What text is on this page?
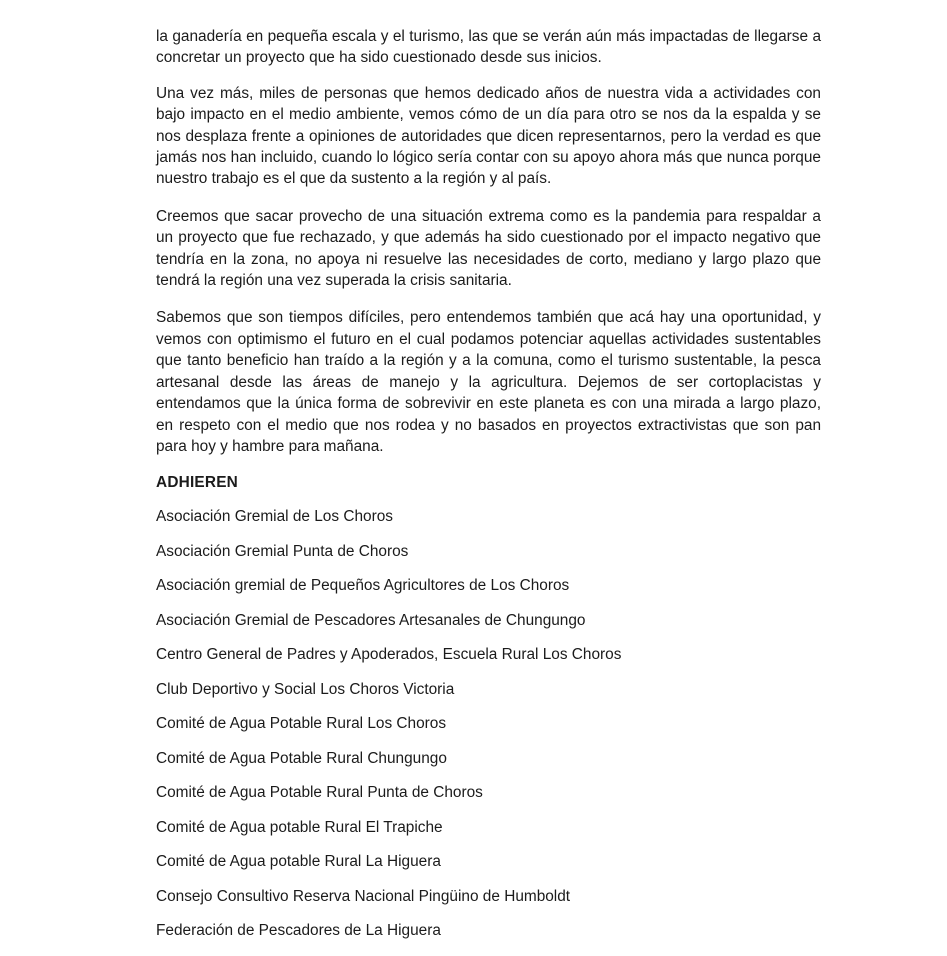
la ganadería en pequeña escala y el turismo, las que se verán aún más impactadas de llegarse a concretar un proyecto que ha sido cuestionado desde sus inicios.

Una vez más, miles de personas que hemos dedicado años de nuestra vida a actividades con bajo impacto en el medio ambiente, vemos cómo de un día para otro se nos da la espalda y se nos desplaza frente a opiniones de autoridades que dicen representarnos, pero la verdad es que jamás nos han incluido, cuando lo lógico sería contar con su apoyo ahora más que nunca porque nuestro trabajo es el que da sustento a la región y al país.

Creemos que sacar provecho de una situación extrema como es la pandemia para respaldar a un proyecto que fue rechazado, y que además ha sido cuestionado por el impacto negativo que tendría en la zona, no apoya ni resuelve las necesidades de corto, mediano y largo plazo que tendrá la región una vez superada la crisis sanitaria.

Sabemos que son tiempos difíciles, pero entendemos también que acá hay una oportunidad, y vemos con optimismo el futuro en el cual podamos potenciar aquellas actividades sustentables que tanto beneficio han traído a la región y a la comuna, como el turismo sustentable, la pesca artesanal desde las áreas de manejo y la agricultura. Dejemos de ser cortoplacistas y entendamos que la única forma de sobrevivir en este planeta es con una mirada a largo plazo, en respeto con el medio que nos rodea y no basados en proyectos extractivistas que son pan para hoy y hambre para mañana.

ADHIEREN
Asociación Gremial de Los Choros
Asociación Gremial Punta de Choros
Asociación gremial de Pequeños Agricultores de Los Choros
Asociación Gremial de Pescadores Artesanales de Chungungo
Centro General de Padres y Apoderados, Escuela Rural Los Choros
Club Deportivo y Social Los Choros Victoria
Comité de Agua Potable Rural Los Choros
Comité de Agua Potable Rural Chungungo
Comité de Agua Potable Rural Punta de Choros
Comité de Agua potable Rural El Trapiche
Comité de Agua potable Rural La Higuera
Consejo Consultivo Reserva Nacional Pingüino de Humboldt
Federación de Pescadores de La Higuera
